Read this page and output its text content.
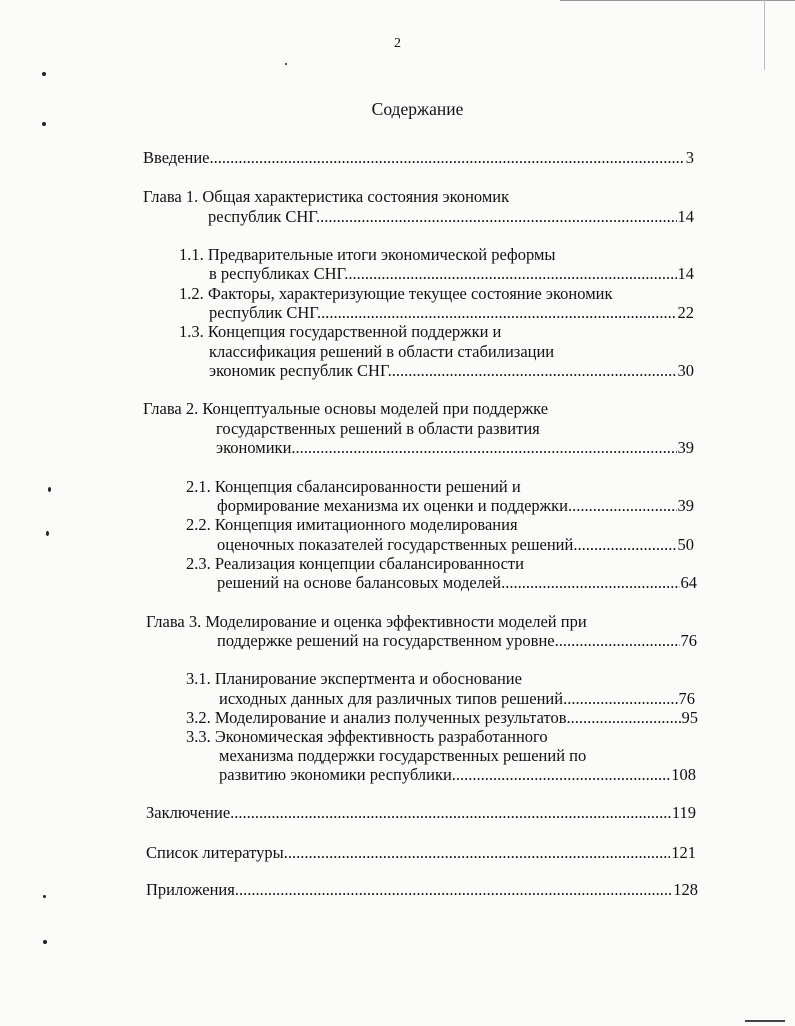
2
Содержание
Введение .....	3
Глава 1. Общая характеристика состояния экономик
республик СНГ .....	14
1.1. Предварительные итоги экономической реформы
в республиках СНГ .....	14
1.2. Факторы, характеризующие текущее состояние экономик
республик СНГ .....	22
1.3. Концепция государственной поддержки и
классификация решений в области стабилизации
экономик республик СНГ .....	30
Глава 2. Концептуальные основы моделей при поддержке
государственных решений в области развития
экономики .....	39
2.1. Концепция сбалансированности решений и
формирование механизма их оценки и поддержки .....	39
2.2. Концепция имитационного моделирования
оценочных показателей государственных решений .....	50
2.3. Реализация концепции сбалансированности
решений на основе балансовых моделей .....	64
Глава 3. Моделирование и оценка эффективности моделей при
поддержке решений на государственном уровне .....	76
3.1. Планирование экспертмента и обоснование
исходных данных для различных типов решений .....	76
3.2. Моделирование и анализ полученных результатов .....	95
3.3. Экономическая эффективность разработанного
механизма поддержки государственных решений по
развитию экономики республики .....	108
Заключение .....	119
Список литературы .....	121
Приложения .....	128
